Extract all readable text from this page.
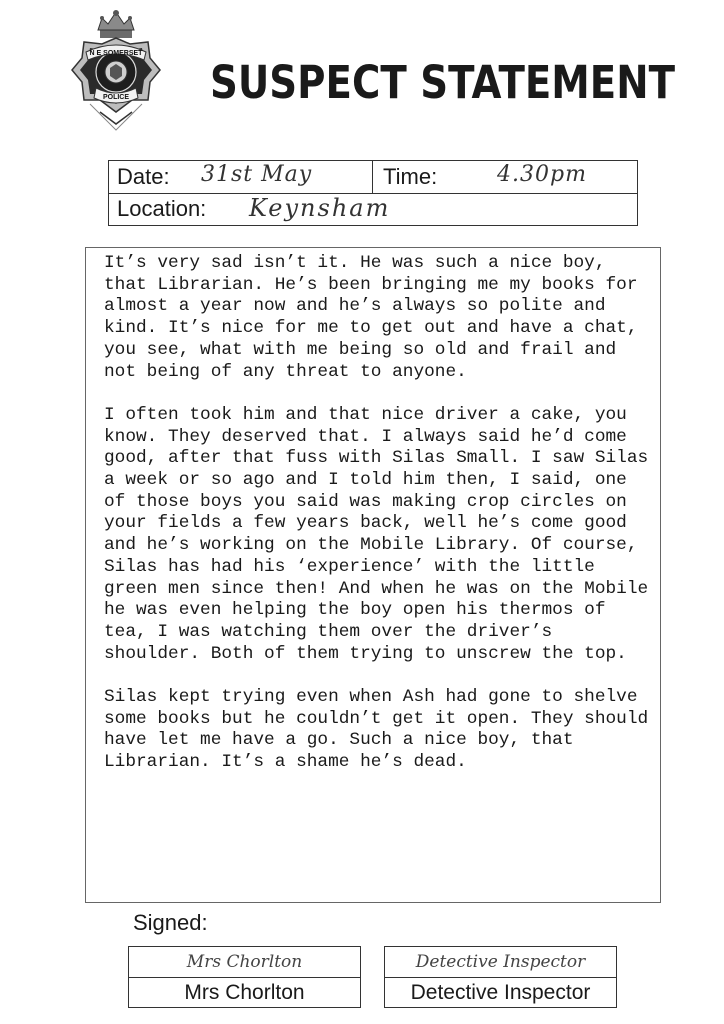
N E SOMERSET
POLICE SUSPECT STATEMENT
Date: 31st May	Time:	4.30pm
Location: Keynsham

It’s very sad isn’t it. He was such a nice boy, that Librarian. He’s been bringing me my books for almost a year now and he’s always so polite and kind. It’s nice for me to get out and have a chat, you see, what with me being so old and frail and not being of any threat to anyone.

I often took him and that nice driver a cake, you know. They deserved that. I always said he’d come good, after that fuss with Silas Small. I saw Silas a week or so ago and I told him then, I said, one of those boys you said was making crop circles on your fields a few years back, well he’s come good and he’s working on the Mobile Library. Of course, Silas has had his ‘experience’ with the little green men since then! And when he was on the Mobile he was even helping the boy open his thermos of tea, I was watching them over the driver’s shoulder. Both of them trying to unscrew the top.

Silas kept trying even when Ash had gone to shelve some books but he couldn’t get it open. They should have let me have a go. Such a nice boy, that Librarian. It’s a shame he’s dead.

Signed:
Mrs Chorlton
Mrs Chorlton
Detective Inspector
Detective Inspector
